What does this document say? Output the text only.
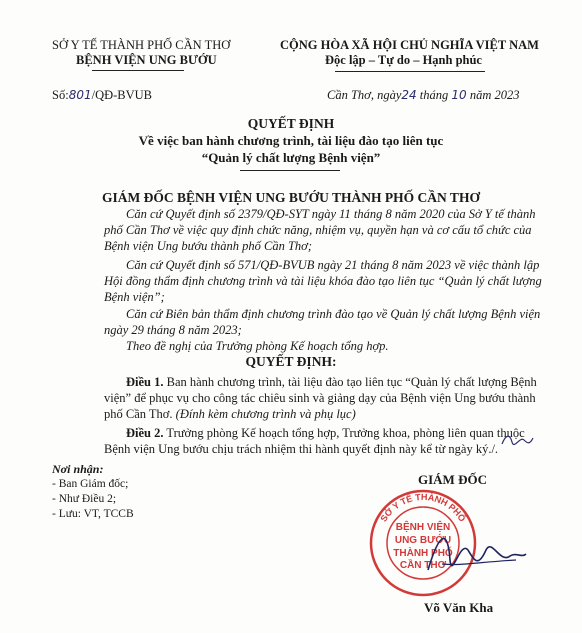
SỞ Y TẾ THÀNH PHỐ CẦN THƠ
BỆNH VIỆN UNG BƯỚU
CỘNG HÒA XÃ HỘI CHỦ NGHĨA VIỆT NAM
Độc lập – Tự do – Hạnh phúc
Số:801/QĐ-BVUB	Cần Thơ, ngày24 tháng 10 năm 2023
QUYẾT ĐỊNH
Về việc ban hành chương trình, tài liệu đào tạo liên tục
“Quản lý chất lượng Bệnh viện”
GIÁM ĐỐC BỆNH VIỆN UNG BƯỚU THÀNH PHỐ CẦN THƠ
Căn cứ Quyết định số 2379/QĐ-SYT ngày 11 tháng 8 năm 2020 của Sở Y tế thành phố Cần Thơ về việc quy định chức năng, nhiệm vụ, quyền hạn và cơ cấu tổ chức của Bệnh viện Ung bướu thành phố Cần Thơ;
Căn cứ Quyết định số 571/QĐ-BVUB ngày 21 tháng 8 năm 2023 về việc thành lập Hội đồng thẩm định chương trình và tài liệu khóa đào tạo liên tục “Quản lý chất lượng Bệnh viện”;
Căn cứ Biên bản thẩm định chương trình đào tạo về Quản lý chất lượng Bệnh viện ngày 29 tháng 8 năm 2023;
Theo đề nghị của Trưởng phòng Kế hoạch tổng hợp.
QUYẾT ĐỊNH:
Điều 1. Ban hành chương trình, tài liệu đào tạo liên tục “Quản lý chất lượng Bệnh viện” để phục vụ cho công tác chiêu sinh và giảng dạy của Bệnh viện Ung bướu thành phố Cần Thơ. (Đính kèm chương trình và phụ lục)
Điều 2. Trưởng phòng Kế hoạch tổng hợp, Trưởng khoa, phòng liên quan thuộc Bệnh viện Ung bướu chịu trách nhiệm thi hành quyết định này kể từ ngày ký./.
Nơi nhận:
- Ban Giám đốc;
- Như Điều 2;
- Lưu: VT, TCCB
GIÁM ĐỐC
SỞ Y TẾ THÀNH PHỐ
BỆNH VIỆN
UNG BƯỚU
THÀNH PHỐ
CẦN THƠ
Võ Văn Kha
